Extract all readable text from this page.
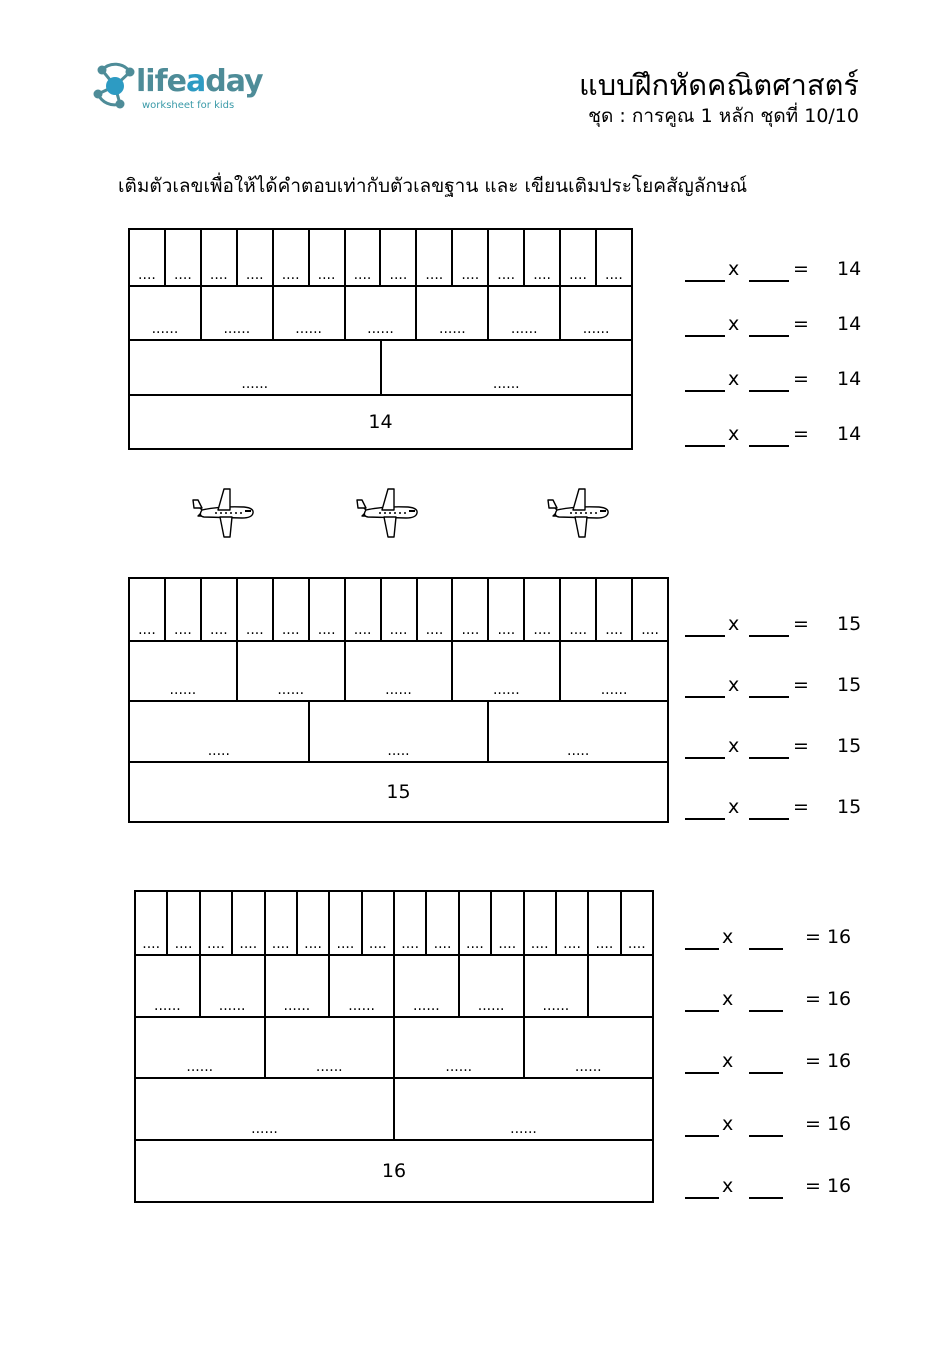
lifeaday
worksheet for kids
แบบฝึกหัดคณิตศาสตร์
ชุด : การคูณ 1 หลัก ชุดที่ 10/10
เติมตัวเลขเพื่อให้ได้คำตอบเท่ากับตัวเลขฐาน และ เขียนเติมประโยคสัญลักษณ์
....	....	....	....	....	....	....	....	....	....	....	....	....	....
......	......	......	......	......	......	......
......	......
14
....	....	....	....	....	....	....	....	....	....	....	....	....	....	....
......	......	......	......	......
.....	.....	.....
15
....	....	....	....	....	....	....	....	....	....	....	....	....	....	....	....
......	......	......	......	......	......	......
......	......	......	......
......	......
16
x	= 14
x	= 14
x	= 14
x	= 14
x	= 15
x	= 15
x	= 15
x	= 15
x	= 16
x	= 16
x	= 16
x	= 16
x	= 16
